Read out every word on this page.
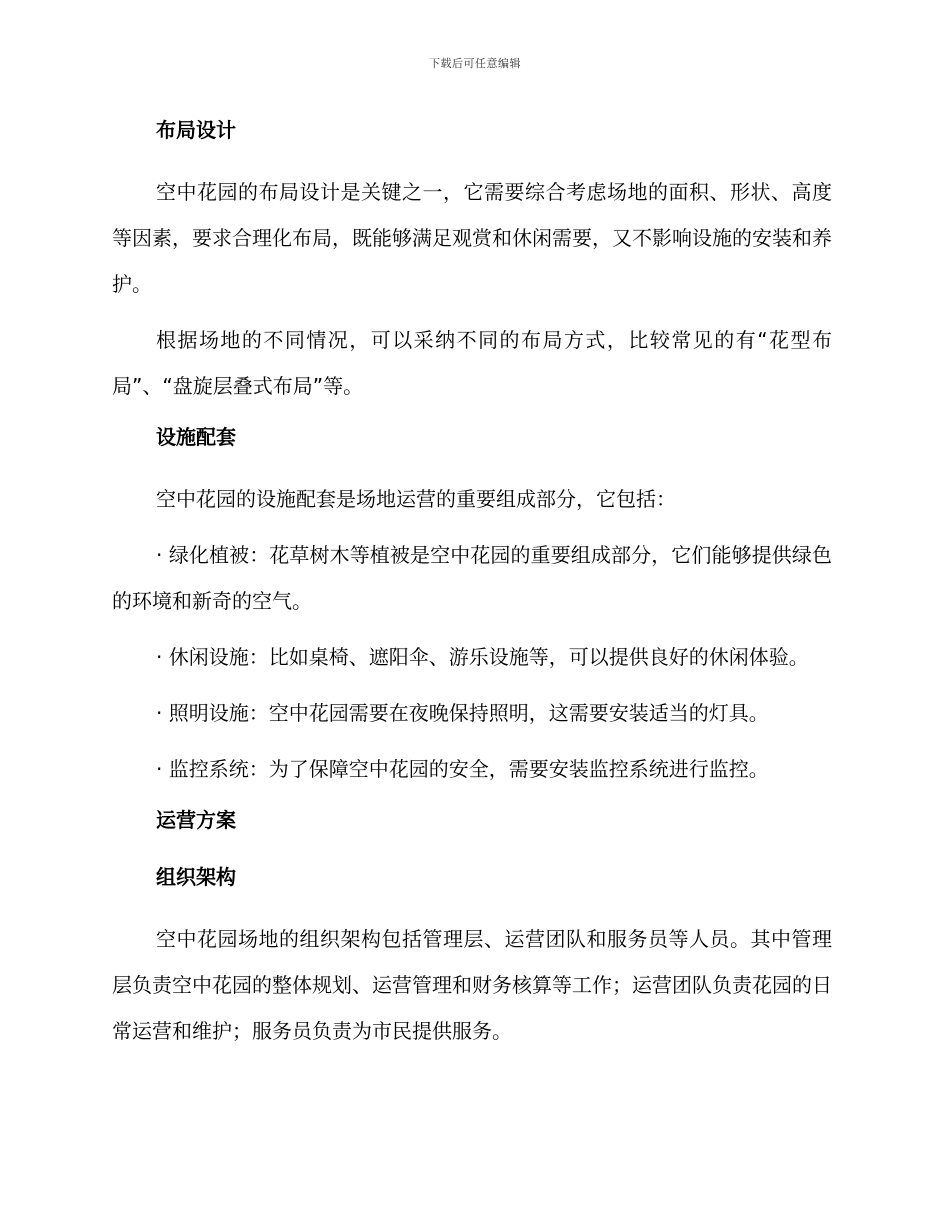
下载后可任意编辑
布局设计
空中花园的布局设计是关键之一，它需要综合考虑场地的面积、形状、高度等因素，要求合理化布局，既能够满足观赏和休闲需要，又不影响设施的安装和养护。
根据场地的不同情况，可以采纳不同的布局方式，比较常见的有“花型布局”、“盘旋层叠式布局”等。
设施配套
空中花园的设施配套是场地运营的重要组成部分，它包括：
· 绿化植被：花草树木等植被是空中花园的重要组成部分，它们能够提供绿色的环境和新奇的空气。
· 休闲设施：比如桌椅、遮阳伞、游乐设施等，可以提供良好的休闲体验。
· 照明设施：空中花园需要在夜晚保持照明，这需要安装适当的灯具。
· 监控系统：为了保障空中花园的安全，需要安装监控系统进行监控。
运营方案
组织架构
空中花园场地的组织架构包括管理层、运营团队和服务员等人员。其中管理层负责空中花园的整体规划、运营管理和财务核算等工作；运营团队负责花园的日常运营和维护；服务员负责为市民提供服务。
